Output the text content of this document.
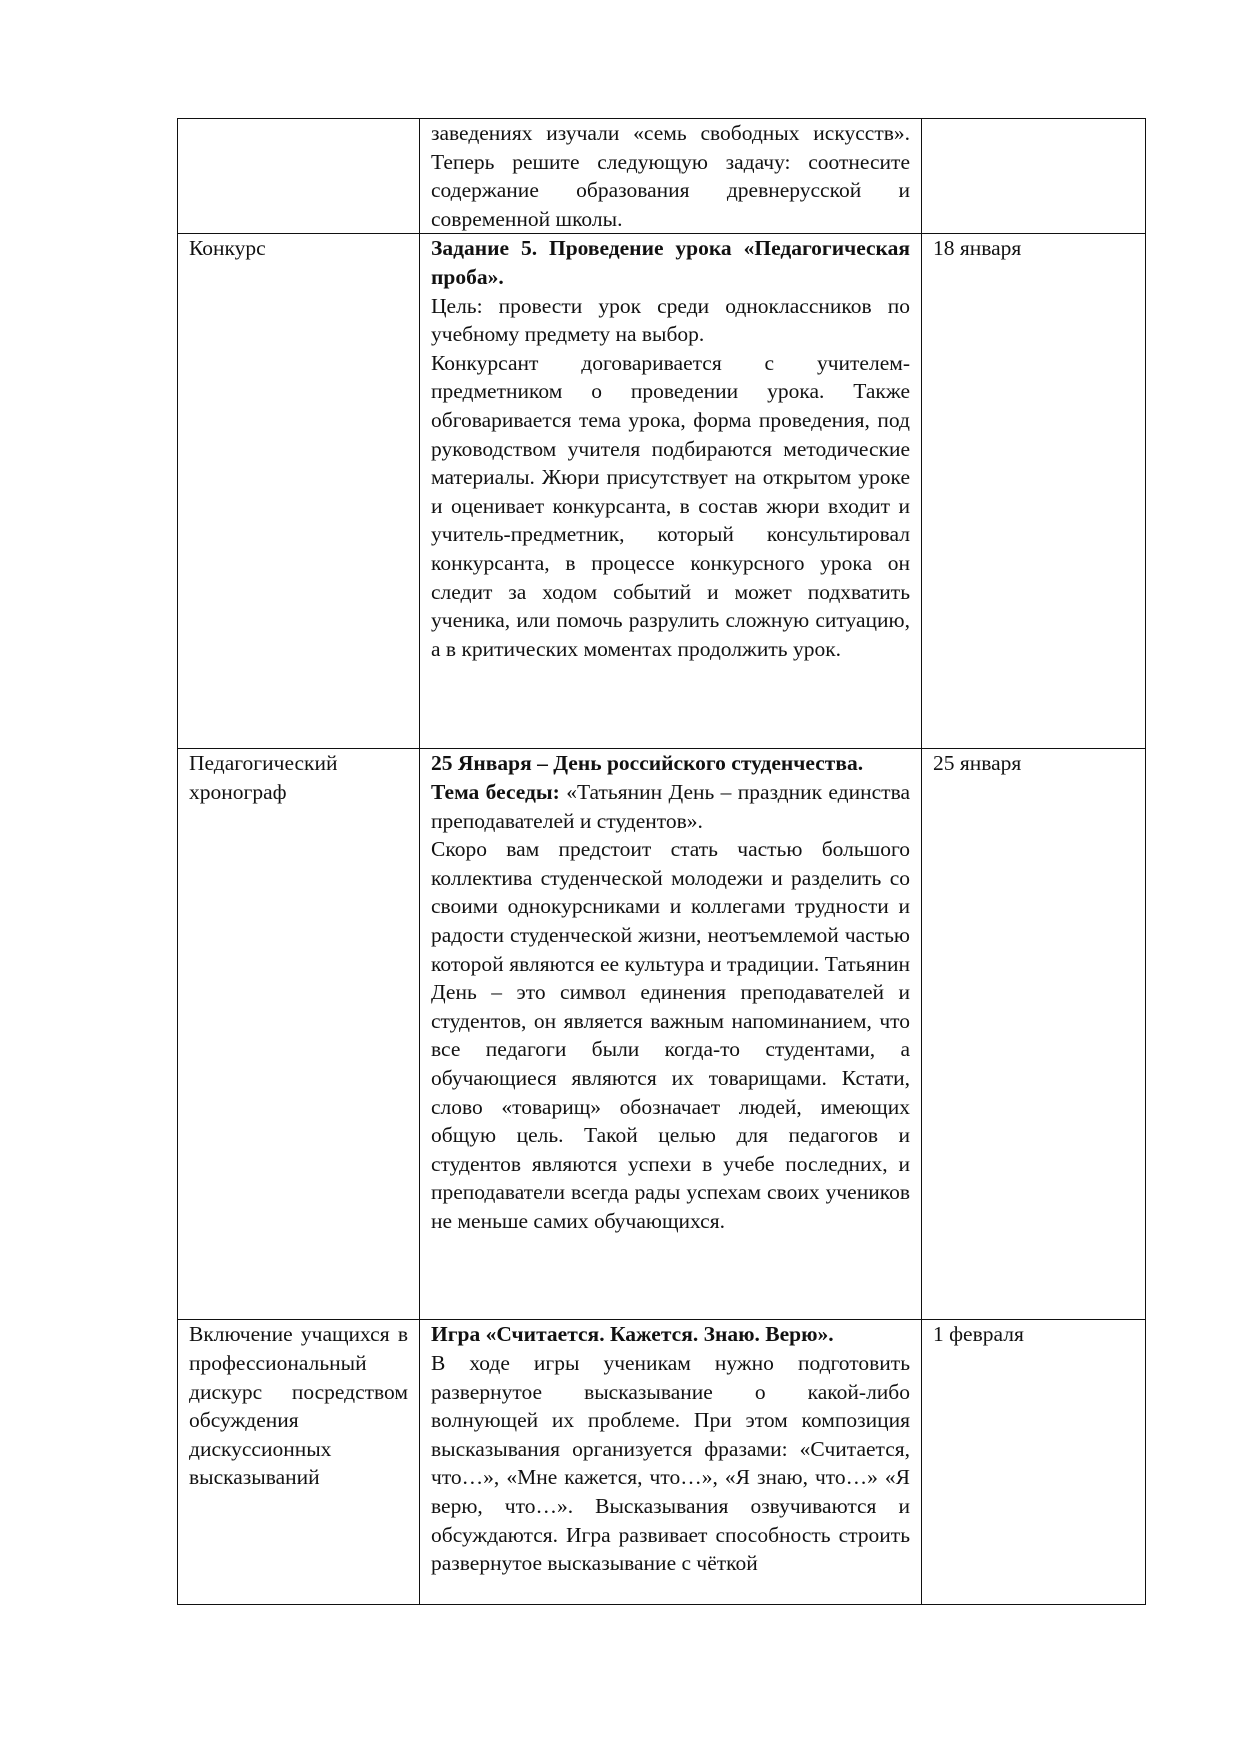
	заведениях изучали «семь свободных искусств». Теперь решите следующую задачу: соотнесите содержание образования древнерусской и современной школы.	

Конкурс	Задание 5. Проведение урока «Педагогическая проба».

Цель: провести урок среди одноклассников по учебному предмету на выбор.

Конкурсант договаривается с учителем-предметником о проведении урока. Также обговаривается тема урока, форма проведения, под руководством учителя подбираются методические материалы. Жюри присутствует на открытом уроке и оценивает конкурсанта, в состав жюри входит и учитель-предметник, который консультировал конкурсанта, в процессе конкурсного урока он следит за ходом событий и может подхватить ученика, или помочь разрулить сложную ситуацию, а в критических моментах продолжить урок.	18 января

Педагогический хронограф	25 Января – День российского студенчества.

Тема беседы: «Татьянин День – праздник единства преподавателей и студентов».

Скоро вам предстоит стать частью большого коллектива студенческой молодежи и разделить со своими однокурсниками и коллегами трудности и радости студенческой жизни, неотъемлемой частью которой являются ее культура и традиции. Татьянин День – это символ единения преподавателей и студентов, он является важным напоминанием, что все педагоги были когда-то студентами, а обучающиеся являются их товарищами. Кстати, слово «товарищ» обозначает людей, имеющих общую цель. Такой целью для педагогов и студентов являются успехи в учебе последних, и преподаватели всегда рады успехам своих учеников не меньше самих обучающихся.	25 января

Включение учащихся в профессиональный дискурс посредством обсуждения дискуссионных высказываний	Игра «Считается. Кажется. Знаю. Верю».

В ходе игры ученикам нужно подготовить развернутое высказывание о какой-либо волнующей их проблеме. При этом композиция высказывания организуется фразами: «Считается, что…», «Мне кажется, что…», «Я знаю, что…» «Я верю, что…». Высказывания озвучиваются и обсуждаются. Игра развивает способность строить развернутое высказывание с чёткой	1 февраля
